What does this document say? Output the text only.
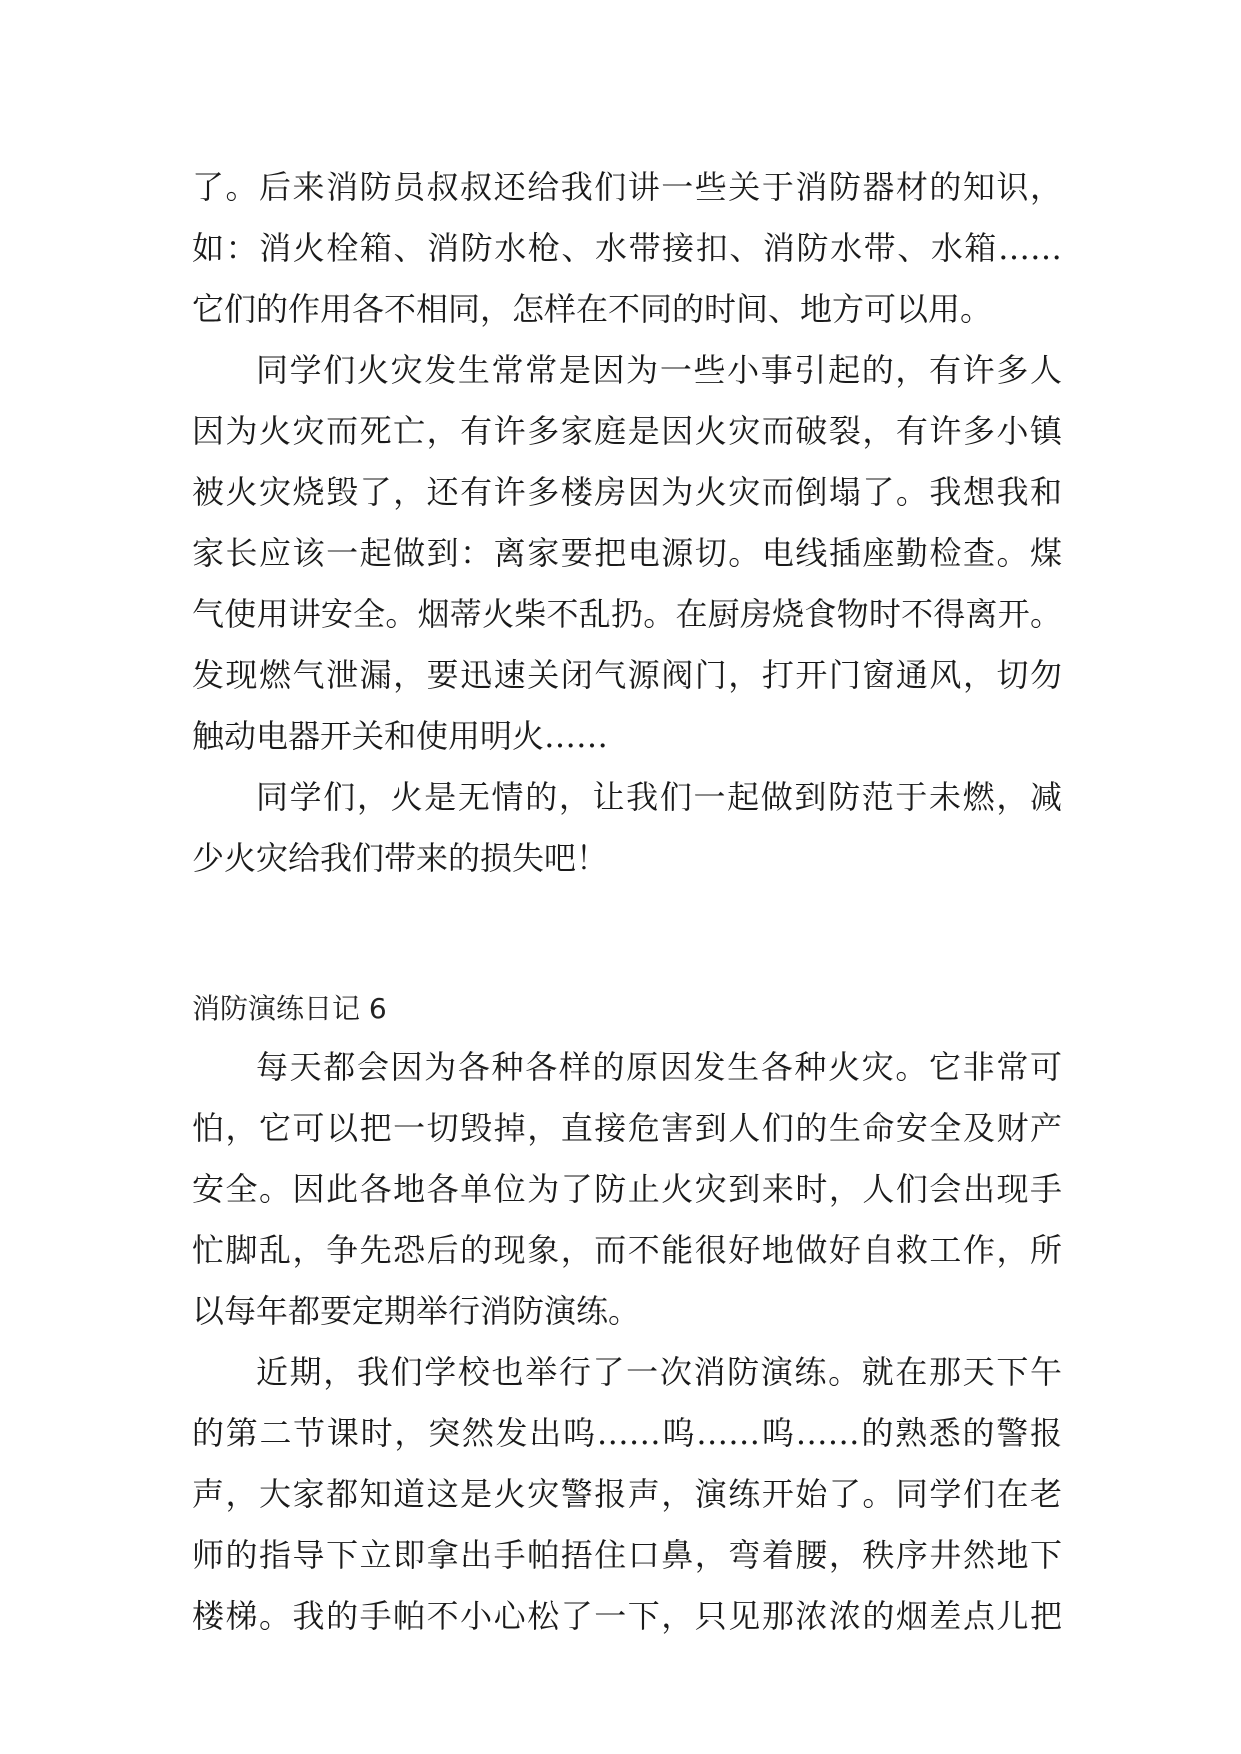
了。后来消防员叔叔还给我们讲一些关于消防器材的知识，
如：消火栓箱、消防水枪、水带接扣、消防水带、水箱……
它们的作用各不相同，怎样在不同的时间、地方可以用。
同学们火灾发生常常是因为一些小事引起的，有许多人
因为火灾而死亡，有许多家庭是因火灾而破裂，有许多小镇
被火灾烧毁了，还有许多楼房因为火灾而倒塌了。我想我和
家长应该一起做到：离家要把电源切。电线插座勤检查。煤
气使用讲安全。烟蒂火柴不乱扔。在厨房烧食物时不得离开。
发现燃气泄漏，要迅速关闭气源阀门，打开门窗通风，切勿
触动电器开关和使用明火……
同学们，火是无情的，让我们一起做到防范于未燃，减
少火灾给我们带来的损失吧！
消防演练日记 6
每天都会因为各种各样的原因发生各种火灾。它非常可
怕，它可以把一切毁掉，直接危害到人们的生命安全及财产
安全。因此各地各单位为了防止火灾到来时，人们会出现手
忙脚乱，争先恐后的现象，而不能很好地做好自救工作，所
以每年都要定期举行消防演练。
近期，我们学校也举行了一次消防演练。就在那天下午
的第二节课时，突然发出呜……呜……呜……的熟悉的警报
声，大家都知道这是火灾警报声，演练开始了。同学们在老
师的指导下立即拿出手帕捂住口鼻，弯着腰，秩序井然地下
楼梯。我的手帕不小心松了一下，只见那浓浓的烟差点儿把
